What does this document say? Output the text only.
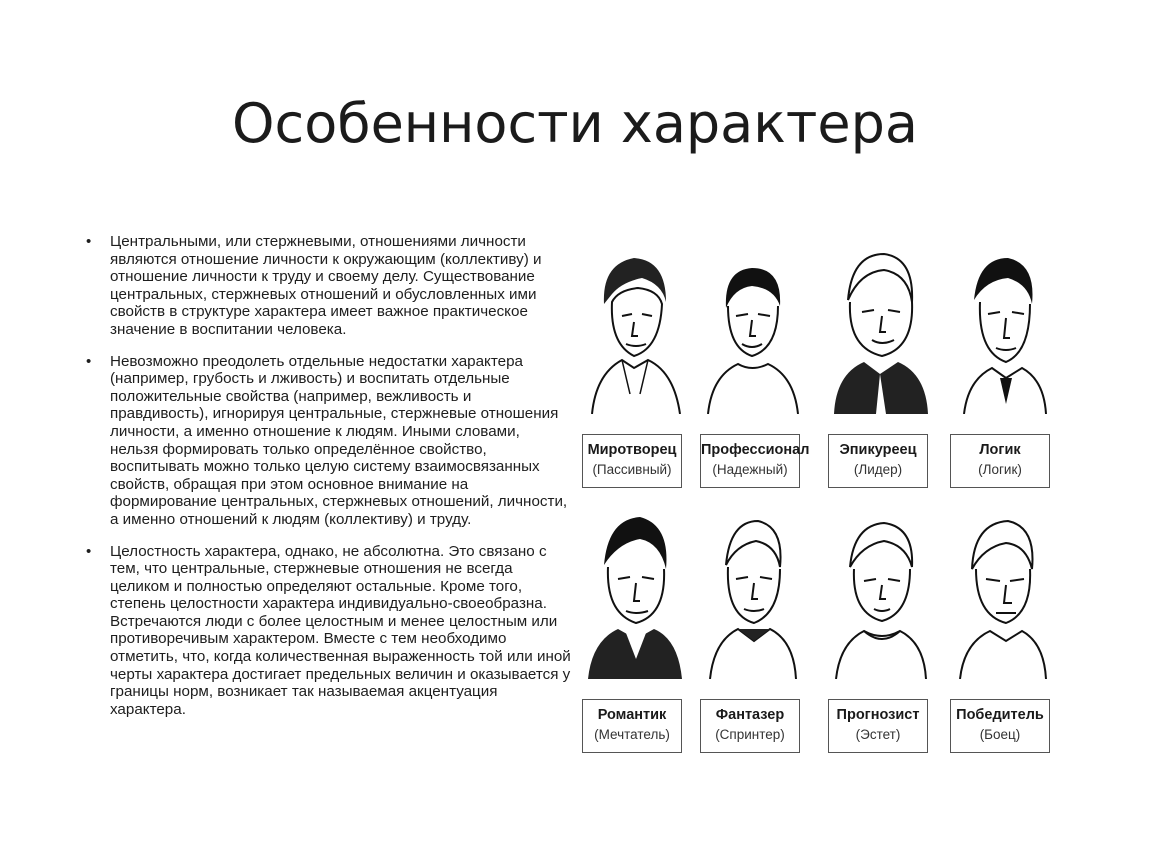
Особенности характера
• Центральными, или стержневыми, отношениями личности являются отношение личности к окружающим (коллективу) и отношение личности к труду и своему делу. Существование центральных, стержневых отношений и обусловленных ими свойств в структуре характера имеет важное практическое значение в воспитании человека.
• Невозможно преодолеть отдельные недостатки характера (например, грубость и лживость) и воспитать отдельные положительные свойства (например, вежливость и правдивость), игнорируя центральные, стержневые отношения личности, а именно отношение к людям. Иными словами, нельзя формировать только определённое свойство, воспитывать можно только целую систему взаимосвязанных свойств, обращая при этом основное внимание на формирование центральных, стержневых отношений, личности, а именно отношений к людям (коллективу) и труду.
• Целостность характера, однако, не абсолютна. Это связано с тем, что центральные, стержневые отношения не всегда целиком и полностью определяют остальные. Кроме того, степень целостности характера индивидуально-своеобразна. Встречаются люди с более целостным и менее целостным или противоречивым характером. Вместе с тем необходимо отметить, что, когда количественная выраженность той или иной черты характера достигает предельных величин и оказывается у границы норм, возникает так называемая акцентуация характера.
Миротворец
(Пассивный)
Профессионал
(Надежный)
Эпикуреец
(Лидер)
Логик
(Логик)
Романтик
(Мечтатель)
Фантазер
(Спринтер)
Прогнозист
(Эстет)
Победитель
(Боец)
